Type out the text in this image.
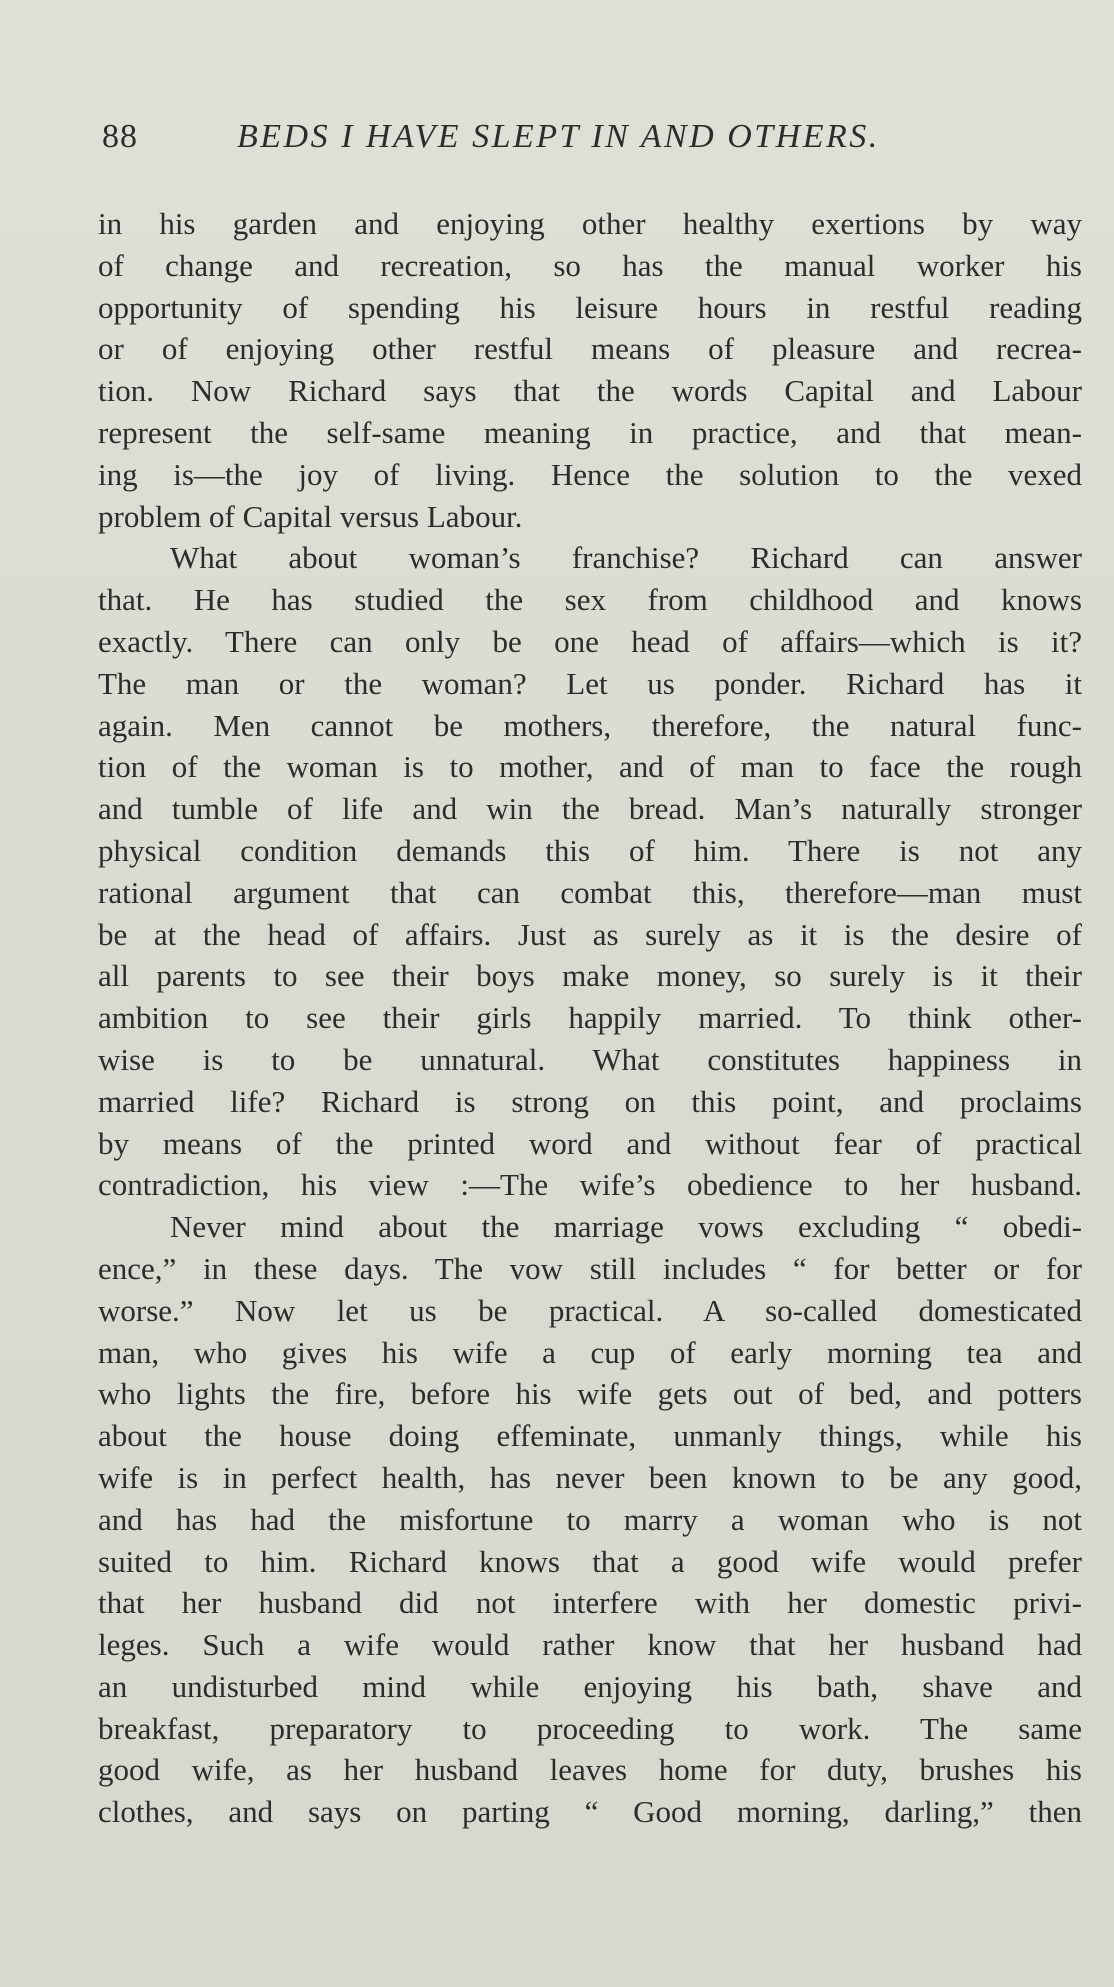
88	BEDS I HAVE SLEPT IN AND OTHERS.
in his garden and enjoying other healthy exertions by way
of change and recreation, so has the manual worker his
opportunity of spending his leisure hours in restful reading
or of enjoying other restful means of pleasure and recrea-
tion. Now Richard says that the words Capital and Labour
represent the self-same meaning in practice, and that mean-
ing is—the joy of living. Hence the solution to the vexed
problem of Capital versus Labour.
What about woman’s franchise? Richard can answer
that. He has studied the sex from childhood and knows
exactly. There can only be one head of affairs—which is it?
The man or the woman? Let us ponder. Richard has it
again. Men cannot be mothers, therefore, the natural func-
tion of the woman is to mother, and of man to face the rough
and tumble of life and win the bread. Man’s naturally stronger
physical condition demands this of him. There is not any
rational argument that can combat this, therefore—man must
be at the head of affairs. Just as surely as it is the desire of
all parents to see their boys make money, so surely is it their
ambition to see their girls happily married. To think other-
wise is to be unnatural. What constitutes happiness in
married life? Richard is strong on this point, and proclaims
by means of the printed word and without fear of practical
contradiction, his view :—The wife’s obedience to her husband.
Never mind about the marriage vows excluding “ obedi-
ence,” in these days. The vow still includes “ for better or for
worse.” Now let us be practical. A so-called domesticated
man, who gives his wife a cup of early morning tea and
who lights the fire, before his wife gets out of bed, and potters
about the house doing effeminate, unmanly things, while his
wife is in perfect health, has never been known to be any good,
and has had the misfortune to marry a woman who is not
suited to him. Richard knows that a good wife would prefer
that her husband did not interfere with her domestic privi-
leges. Such a wife would rather know that her husband had
an undisturbed mind while enjoying his bath, shave and
breakfast, preparatory to proceeding to work. The same
good wife, as her husband leaves home for duty, brushes his
clothes, and says on parting “ Good morning, darling,” then
